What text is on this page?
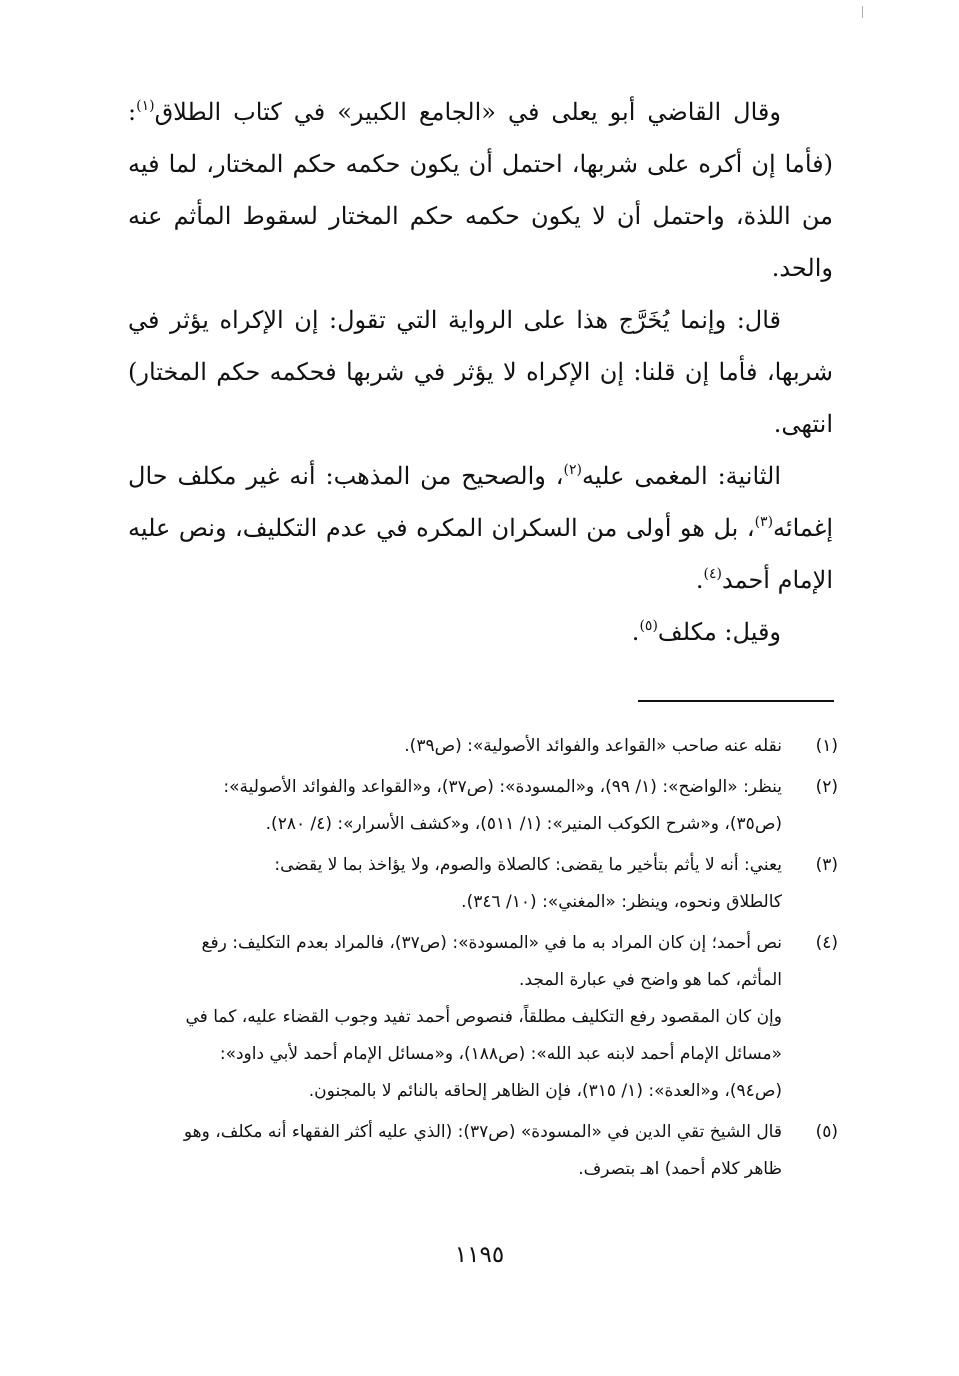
وقال القاضي أبو يعلى في «الجامع الكبير» في كتاب الطلاق$^{(١)}$: (فأما إن أكره على شربها، احتمل أن يكون حكمه حكم المختار، لما فيه من اللذة، واحتمل أن لا يكون حكمه حكم المختار لسقوط المأثم عنه والحد.

قال: وإنما يُخَرَّج هذا على الرواية التي تقول: إن الإكراه يؤثر في شربها، فأما إن قلنا: إن الإكراه لا يؤثر في شربها فحكمه حكم المختار) انتهى.

الثانية: المغمى عليه$^{(٢)}$، والصحيح من المذهب: أنه غير مكلف حال إغمائه$^{(٣)}$، بل هو أولى من السكران المكره في عدم التكليف، ونص عليه الإمام أحمد$^{(٤)}$.

وقيل: مكلف$^{(٥)}$.

(١)

نقله عنه صاحب «القواعد والفوائد الأصولية»: (ص٣٩).

(٢)

ينظر: «الواضح»: (١/ ٩٩)، و«المسودة»: (ص٣٧)، و«القواعد والفوائد الأصولية»:

(ص٣٥)، و«شرح الكوكب المنير»: (١/ ٥١١)، و«كشف الأسرار»: (٤/ ٢٨٠).

(٣)

يعني: أنه لا يأثم بتأخير ما يقضى: كالصلاة والصوم، ولا يؤاخذ بما لا يقضى:

كالطلاق ونحوه، وينظر: «المغني»: (١٠/ ٣٤٦).

(٤)

نص أحمد؛ إن كان المراد به ما في «المسودة»: (ص٣٧)، فالمراد بعدم التكليف: رفع

المأثم، كما هو واضح في عبارة المجد.

وإن كان المقصود رفع التكليف مطلقاً، فنصوص أحمد تفيد وجوب القضاء عليه، كما في

«مسائل الإمام أحمد لابنه عبد الله»: (ص١٨٨)، و«مسائل الإمام أحمد لأبي داود»:

(ص٩٤)، و«العدة»: (١/ ٣١٥)، فإن الظاهر إلحاقه بالنائم لا بالمجنون.

(٥)

قال الشيخ تقي الدين في «المسودة» (ص٣٧): (الذي عليه أكثر الفقهاء أنه مكلف، وهو

ظاهر كلام أحمد) اهـ بتصرف.

١١٩٥
